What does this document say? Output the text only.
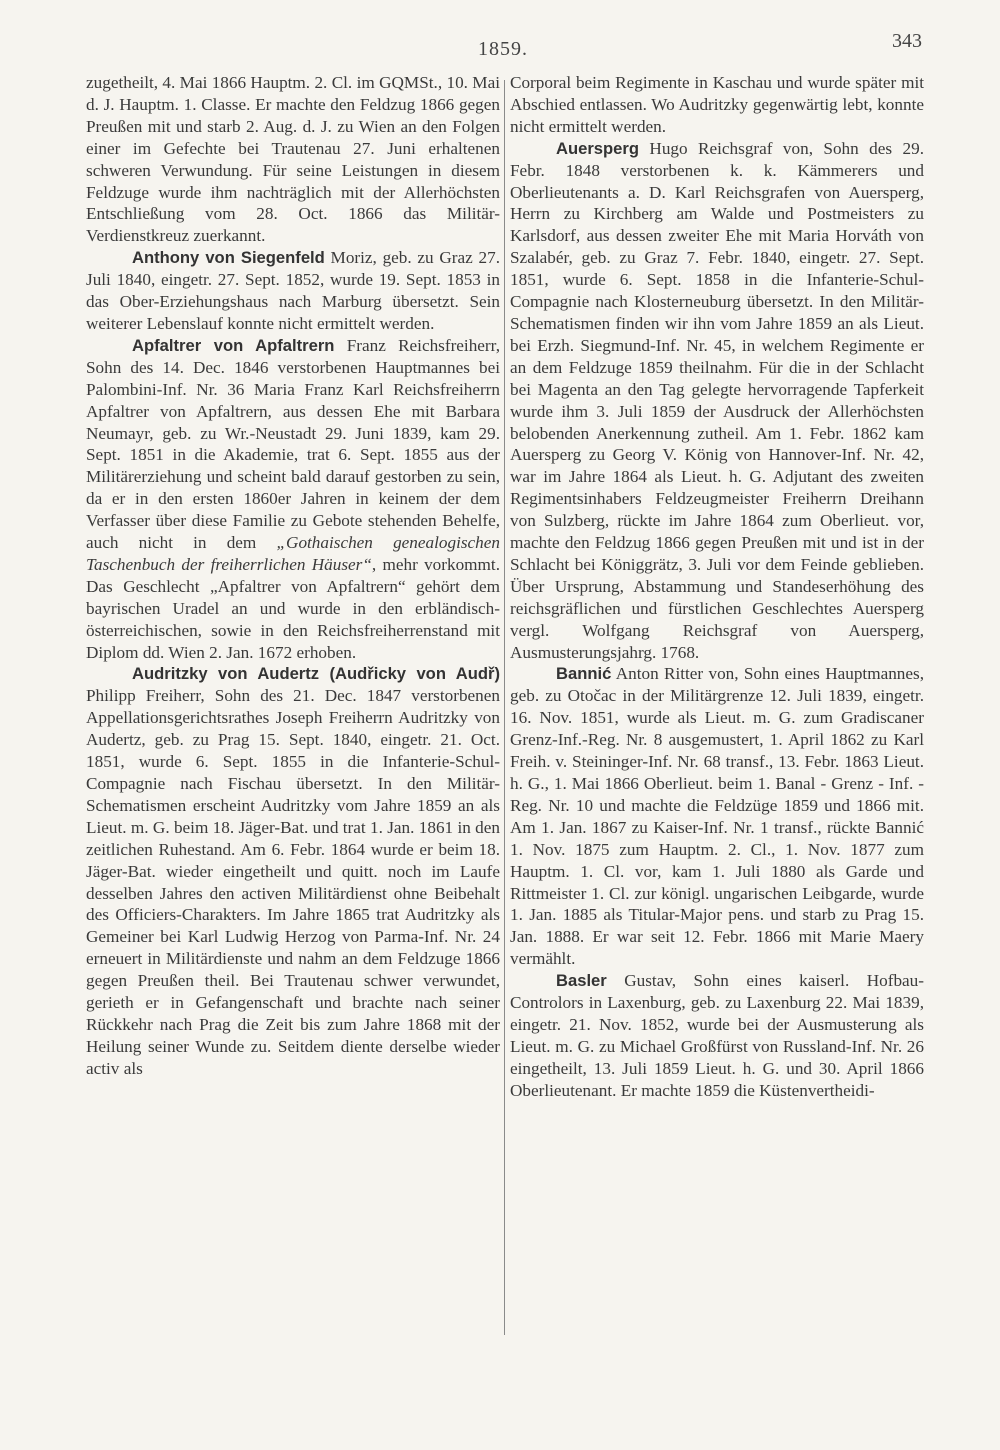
1859.	343

zugetheilt, 4. Mai 1866 Hauptm. 2. Cl. im GQMSt., 10. Mai d. J. Hauptm. 1. Classe. Er machte den Feldzug 1866 gegen Preußen mit und starb 2. Aug. d. J. zu Wien an den Folgen einer im Gefechte bei Trautenau 27. Juni erhaltenen schweren Verwundung. Für seine Leistungen in diesem Feldzuge wurde ihm nachträglich mit der Allerhöchsten Entschließung vom 28. Oct. 1866 das Militär-Verdienstkreuz zuerkannt.

Anthony von Siegenfeld Moriz, geb. zu Graz 27. Juli 1840, eingetr. 27. Sept. 1852, wurde 19. Sept. 1853 in das Ober-Erziehungshaus nach Marburg übersetzt. Sein weiterer Lebenslauf konnte nicht ermittelt werden.

Apfaltrer von Apfaltrern Franz Reichsfreiherr, Sohn des 14. Dec. 1846 verstorbenen Hauptmannes bei Palombini-Inf. Nr. 36 Maria Franz Karl Reichsfreiherrn Apfaltrer von Apfaltrern, aus dessen Ehe mit Barbara Neumayr, geb. zu Wr.-Neustadt 29. Juni 1839, kam 29. Sept. 1851 in die Akademie, trat 6. Sept. 1855 aus der Militärerziehung und scheint bald darauf gestorben zu sein, da er in den ersten 1860er Jahren in keinem der dem Verfasser über diese Familie zu Gebote stehenden Behelfe, auch nicht in dem „Gothaischen genealogischen Taschenbuch der freiherrlichen Häuser“, mehr vorkommt. Das Geschlecht „Apfaltrer von Apfaltrern“ gehört dem bayrischen Uradel an und wurde in den erbländisch-österreichischen, sowie in den Reichsfreiherrenstand mit Diplom dd. Wien 2. Jan. 1672 erhoben.

Audritzky von Audertz (Audřicky von Audř) Philipp Freiherr, Sohn des 21. Dec. 1847 verstorbenen Appellationsgerichtsrathes Joseph Freiherrn Audritzky von Audertz, geb. zu Prag 15. Sept. 1840, eingetr. 21. Oct. 1851, wurde 6. Sept. 1855 in die Infanterie-Schul-Compagnie nach Fischau übersetzt. In den Militär-Schematismen erscheint Audritzky vom Jahre 1859 an als Lieut. m. G. beim 18. Jäger-Bat. und trat 1. Jan. 1861 in den zeitlichen Ruhestand. Am 6. Febr. 1864 wurde er beim 18. Jäger-Bat. wieder eingetheilt und quitt. noch im Laufe desselben Jahres den activen Militärdienst ohne Beibehalt des Officiers-Charakters. Im Jahre 1865 trat Audritzky als Gemeiner bei Karl Ludwig Herzog von Parma-Inf. Nr. 24 erneuert in Militärdienste und nahm an dem Feldzuge 1866 gegen Preußen theil. Bei Trautenau schwer verwundet, gerieth er in Gefangenschaft und brachte nach seiner Rückkehr nach Prag die Zeit bis zum Jahre 1868 mit der Heilung seiner Wunde zu. Seitdem diente derselbe wieder activ als

Corporal beim Regimente in Kaschau und wurde später mit Abschied entlassen. Wo Audritzky gegenwärtig lebt, konnte nicht ermittelt werden.

Auersperg Hugo Reichsgraf von, Sohn des 29. Febr. 1848 verstorbenen k. k. Kämmerers und Oberlieutenants a. D. Karl Reichsgrafen von Auersperg, Herrn zu Kirchberg am Walde und Postmeisters zu Karlsdorf, aus dessen zweiter Ehe mit Maria Horváth von Szalabér, geb. zu Graz 7. Febr. 1840, eingetr. 27. Sept. 1851, wurde 6. Sept. 1858 in die Infanterie-Schul-Compagnie nach Klosterneuburg übersetzt. In den Militär-Schematismen finden wir ihn vom Jahre 1859 an als Lieut. bei Erzh. Siegmund-Inf. Nr. 45, in welchem Regimente er an dem Feldzuge 1859 theilnahm. Für die in der Schlacht bei Magenta an den Tag gelegte hervorragende Tapferkeit wurde ihm 3. Juli 1859 der Ausdruck der Allerhöchsten belobenden Anerkennung zutheil. Am 1. Febr. 1862 kam Auersperg zu Georg V. König von Hannover-Inf. Nr. 42, war im Jahre 1864 als Lieut. h. G. Adjutant des zweiten Regimentsinhabers Feldzeugmeister Freiherrn Dreihann von Sulzberg, rückte im Jahre 1864 zum Oberlieut. vor, machte den Feldzug 1866 gegen Preußen mit und ist in der Schlacht bei Königgrätz, 3. Juli vor dem Feinde geblieben. Über Ursprung, Abstammung und Standeserhöhung des reichsgräflichen und fürstlichen Geschlechtes Auersperg vergl. Wolfgang Reichsgraf von Auersperg, Ausmusterungsjahrg. 1768.

Bannić Anton Ritter von, Sohn eines Hauptmannes, geb. zu Otočac in der Militärgrenze 12. Juli 1839, eingetr. 16. Nov. 1851, wurde als Lieut. m. G. zum Gradiscaner Grenz-Inf.-Reg. Nr. 8 ausgemustert, 1. April 1862 zu Karl Freih. v. Steininger-Inf. Nr. 68 transf., 13. Febr. 1863 Lieut. h. G., 1. Mai 1866 Oberlieut. beim 1. Banal - Grenz - Inf. - Reg. Nr. 10 und machte die Feldzüge 1859 und 1866 mit. Am 1. Jan. 1867 zu Kaiser-Inf. Nr. 1 transf., rückte Bannić 1. Nov. 1875 zum Hauptm. 2. Cl., 1. Nov. 1877 zum Hauptm. 1. Cl. vor, kam 1. Juli 1880 als Garde und Rittmeister 1. Cl. zur königl. ungarischen Leibgarde, wurde 1. Jan. 1885 als Titular-Major pens. und starb zu Prag 15. Jan. 1888. Er war seit 12. Febr. 1866 mit Marie Maery vermählt.

Basler Gustav, Sohn eines kaiserl. Hofbau-Controlors in Laxenburg, geb. zu Laxenburg 22. Mai 1839, eingetr. 21. Nov. 1852, wurde bei der Ausmusterung als Lieut. m. G. zu Michael Großfürst von Russland-Inf. Nr. 26 eingetheilt, 13. Juli 1859 Lieut. h. G. und 30. April 1866 Oberlieutenant. Er machte 1859 die Küstenvertheidi-
